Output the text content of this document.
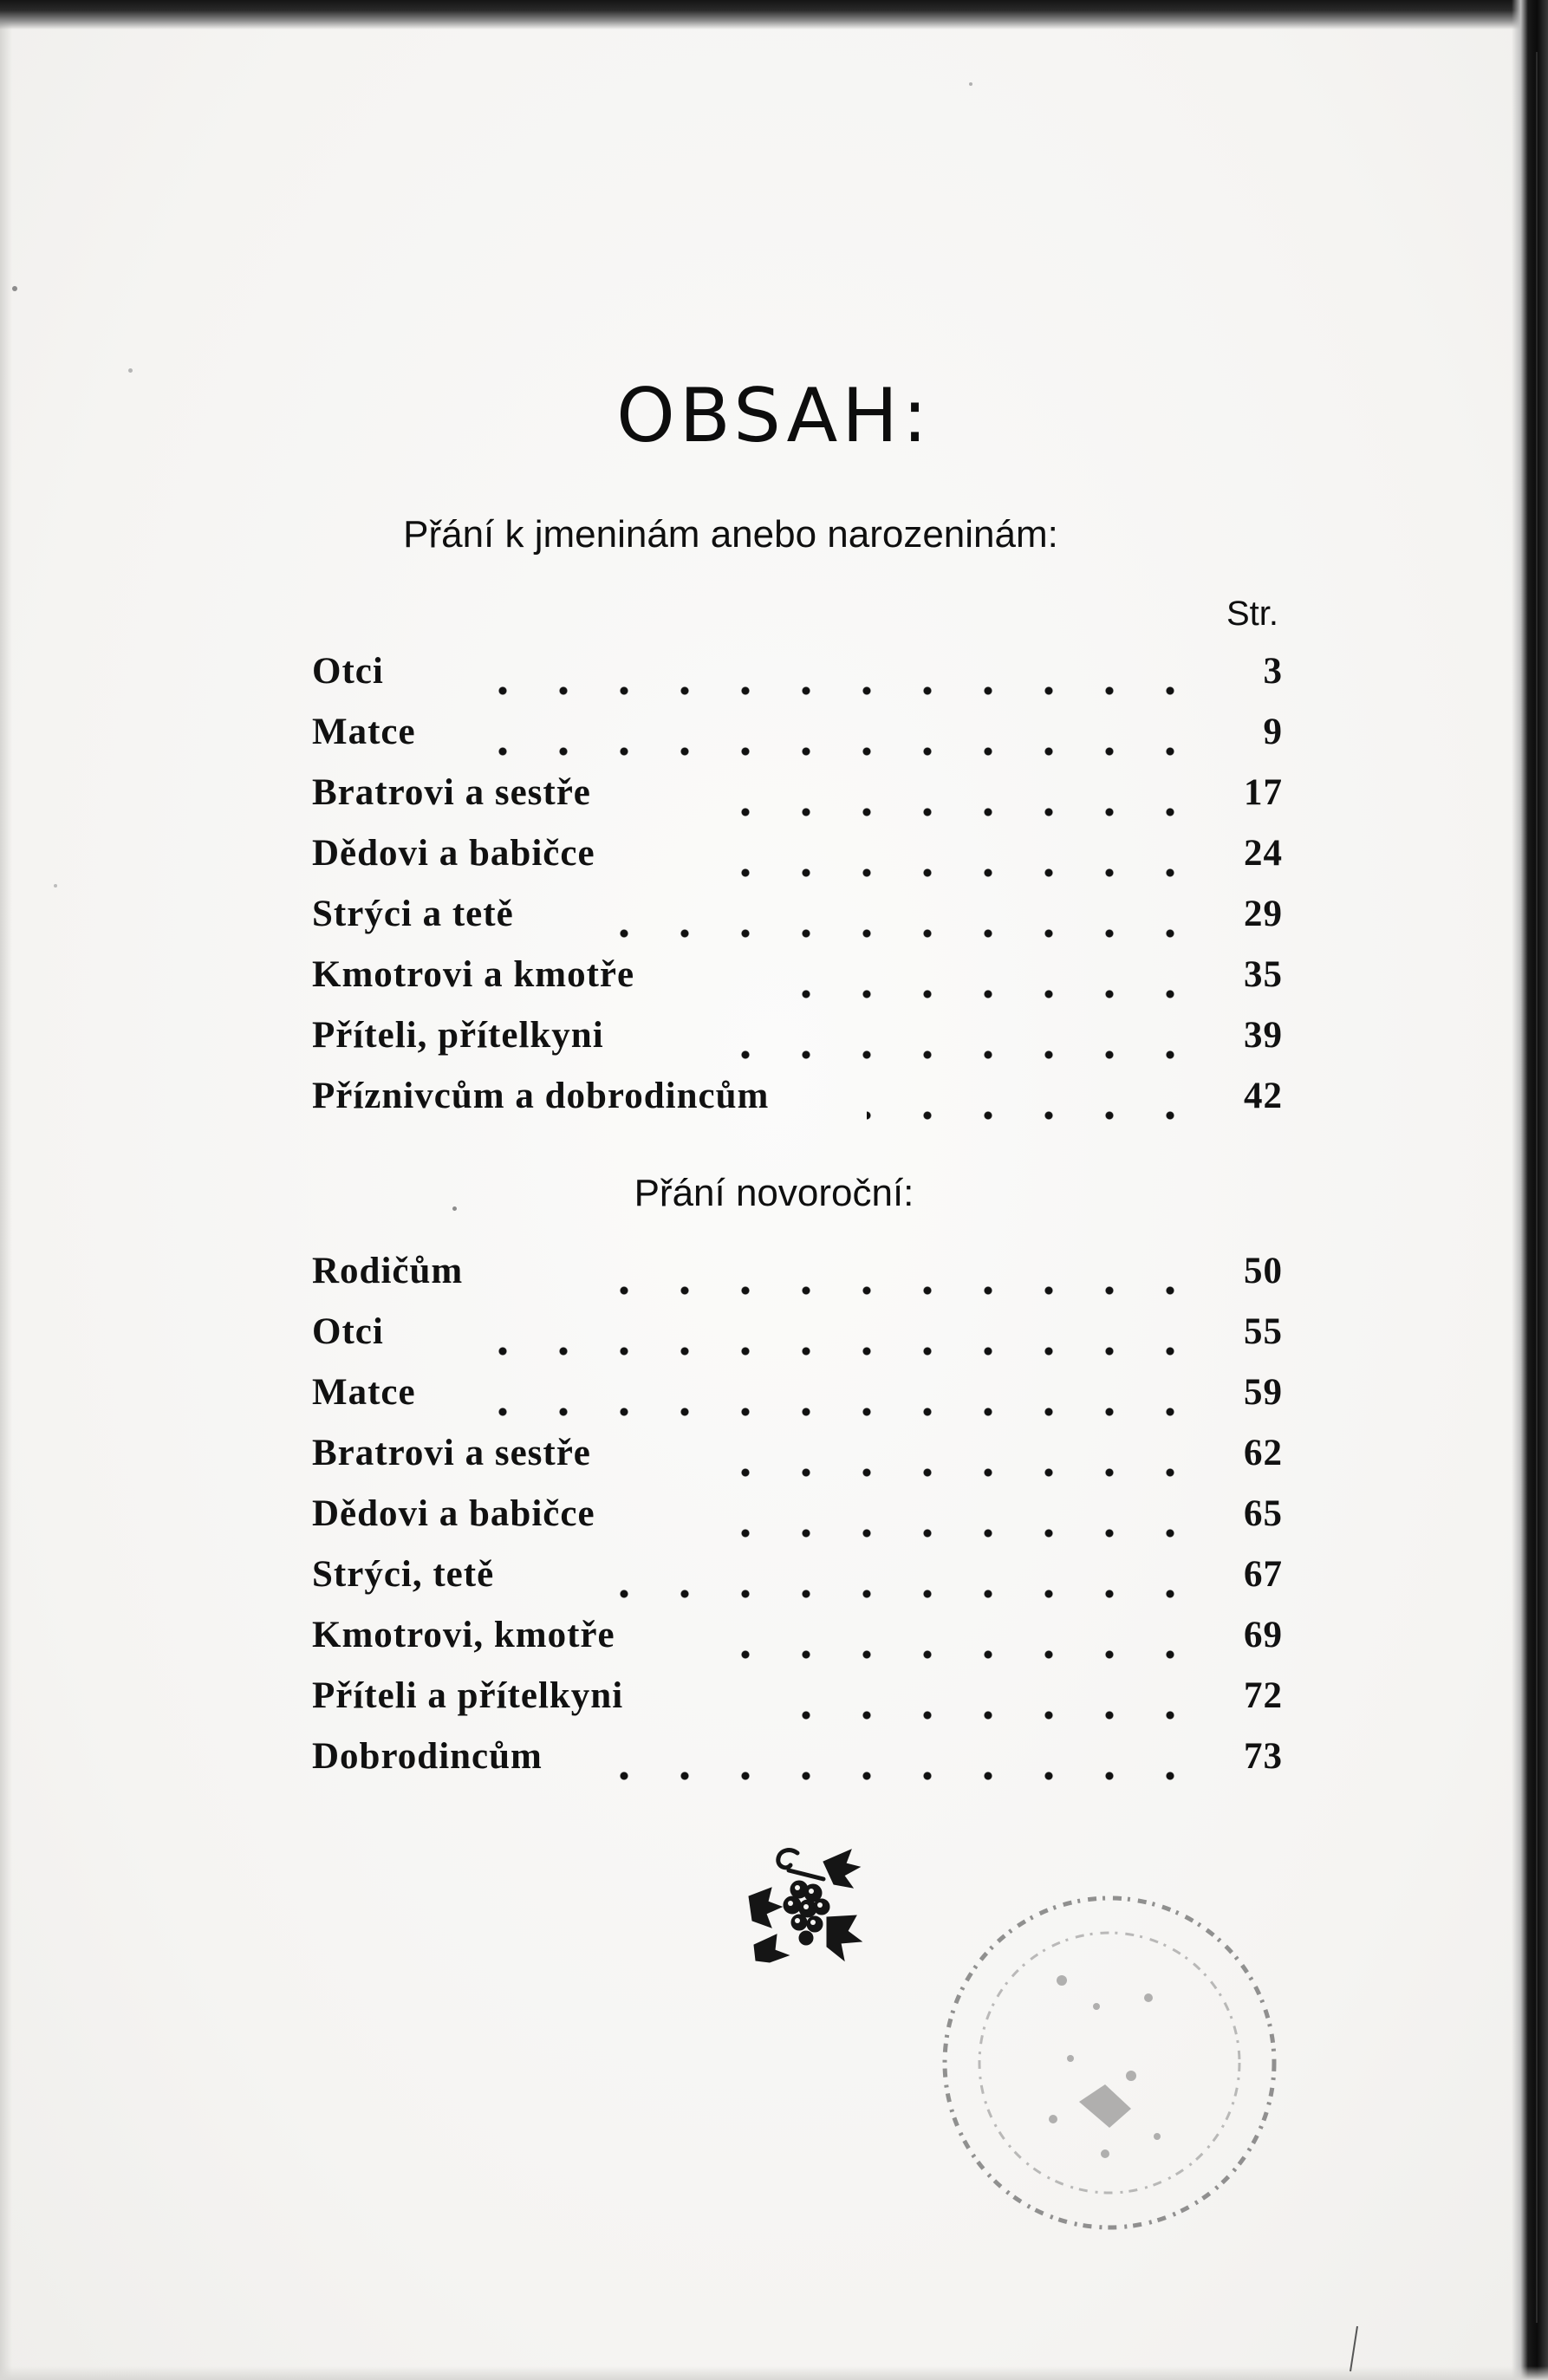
OBSAH:
Přání k jmeninám anebo narozeninám:
Str.
Otci	3
Matce	9
Bratrovi a sestře	17
Dědovi a babičce	24
Strýci a tetě	29
Kmotrovi a kmotře	35
Příteli, přítelkyni	39
Příznivcům a dobrodincům	42
Přání novoroční:
Rodičům	50
Otci	55
Matce	59
Bratrovi a sestře	62
Dědovi a babičce	65
Strýci, tetě	67
Kmotrovi, kmotře	69
Příteli a přítelkyni	72
Dobrodincům	73
